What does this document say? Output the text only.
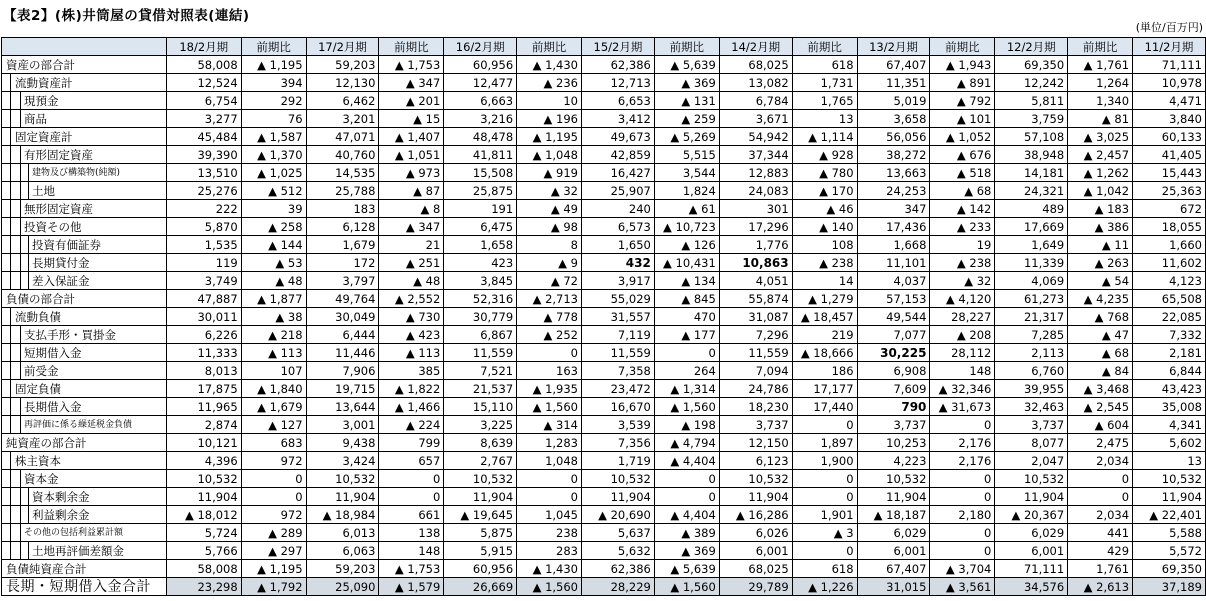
【表2】(株)井筒屋の貸借対照表(連結)
(単位/百万円)
	18/2月期	前期比	17/2月期	前期比	16/2月期	前期比	15/2月期	前期比	14/2月期	前期比	13/2月期	前期比	12/2月期	前期比	11/2月期
資産の部合計	58,008	▲ 1,195	59,203	▲ 1,753	60,956	▲ 1,430	62,386	▲ 5,639	68,025	618	67,407	▲ 1,943	69,350	▲ 1,761	71,111

流動資産計	12,524	394	12,130	▲ 347	12,477	▲ 236	12,713	▲ 369	13,082	1,731	11,351	▲ 891	12,242	1,264	10,978

現預金	6,754	292	6,462	▲ 201	6,663	10	6,653	▲ 131	6,784	1,765	5,019	▲ 792	5,811	1,340	4,471

商品	3,277	76	3,201	▲ 15	3,216	▲ 196	3,412	▲ 259	3,671	13	3,658	▲ 101	3,759	▲ 81	3,840

固定資産計	45,484	▲ 1,587	47,071	▲ 1,407	48,478	▲ 1,195	49,673	▲ 5,269	54,942	▲ 1,114	56,056	▲ 1,052	57,108	▲ 3,025	60,133

有形固定資産	39,390	▲ 1,370	40,760	▲ 1,051	41,811	▲ 1,048	42,859	5,515	37,344	▲ 928	38,272	▲ 676	38,948	▲ 2,457	41,405

建物及び構築物(純額)	13,510	▲ 1,025	14,535	▲ 973	15,508	▲ 919	16,427	3,544	12,883	▲ 780	13,663	▲ 518	14,181	▲ 1,262	15,443

土地	25,276	▲ 512	25,788	▲ 87	25,875	▲ 32	25,907	1,824	24,083	▲ 170	24,253	▲ 68	24,321	▲ 1,042	25,363

無形固定資産	222	39	183	▲ 8	191	▲ 49	240	▲ 61	301	▲ 46	347	▲ 142	489	▲ 183	672

投資その他	5,870	▲ 258	6,128	▲ 347	6,475	▲ 98	6,573	▲ 10,723	17,296	▲ 140	17,436	▲ 233	17,669	▲ 386	18,055

投資有価証券	1,535	▲ 144	1,679	21	1,658	8	1,650	▲ 126	1,776	108	1,668	19	1,649	▲ 11	1,660

長期貸付金	119	▲ 53	172	▲ 251	423	▲ 9	432	▲ 10,431	10,863	▲ 238	11,101	▲ 238	11,339	▲ 263	11,602

差入保証金	3,749	▲ 48	3,797	▲ 48	3,845	▲ 72	3,917	▲ 134	4,051	14	4,037	▲ 32	4,069	▲ 54	4,123
負債の部合計	47,887	▲ 1,877	49,764	▲ 2,552	52,316	▲ 2,713	55,029	▲ 845	55,874	▲ 1,279	57,153	▲ 4,120	61,273	▲ 4,235	65,508

流動負債	30,011	▲ 38	30,049	▲ 730	30,779	▲ 778	31,557	470	31,087	▲ 18,457	49,544	28,227	21,317	▲ 768	22,085

支払手形・買掛金	6,226	▲ 218	6,444	▲ 423	6,867	▲ 252	7,119	▲ 177	7,296	219	7,077	▲ 208	7,285	▲ 47	7,332

短期借入金	11,333	▲ 113	11,446	▲ 113	11,559	0	11,559	0	11,559	▲ 18,666	30,225	28,112	2,113	▲ 68	2,181

前受金	8,013	107	7,906	385	7,521	163	7,358	264	7,094	186	6,908	148	6,760	▲ 84	6,844

固定負債	17,875	▲ 1,840	19,715	▲ 1,822	21,537	▲ 1,935	23,472	▲ 1,314	24,786	17,177	7,609	▲ 32,346	39,955	▲ 3,468	43,423

長期借入金	11,965	▲ 1,679	13,644	▲ 1,466	15,110	▲ 1,560	16,670	▲ 1,560	18,230	17,440	790	▲ 31,673	32,463	▲ 2,545	35,008

再評価に係る繰延税金負債	2,874	▲ 127	3,001	▲ 224	3,225	▲ 314	3,539	▲ 198	3,737	0	3,737	0	3,737	▲ 604	4,341
純資産の部合計	10,121	683	9,438	799	8,639	1,283	7,356	▲ 4,794	12,150	1,897	10,253	2,176	8,077	2,475	5,602

株主資本	4,396	972	3,424	657	2,767	1,048	1,719	▲ 4,404	6,123	1,900	4,223	2,176	2,047	2,034	13

資本金	10,532	0	10,532	0	10,532	0	10,532	0	10,532	0	10,532	0	10,532	0	10,532

資本剰余金	11,904	0	11,904	0	11,904	0	11,904	0	11,904	0	11,904	0	11,904	0	11,904

利益剰余金	▲ 18,012	972	▲ 18,984	661	▲ 19,645	1,045	▲ 20,690	▲ 4,404	▲ 16,286	1,901	▲ 18,187	2,180	▲ 20,367	2,034	▲ 22,401

その他の包括利益累計額	5,724	▲ 289	6,013	138	5,875	238	5,637	▲ 389	6,026	▲ 3	6,029	0	6,029	441	5,588

土地再評価差額金	5,766	▲ 297	6,063	148	5,915	283	5,632	▲ 369	6,001	0	6,001	0	6,001	429	5,572
負債純資産合計	58,008	▲ 1,195	59,203	▲ 1,753	60,956	▲ 1,430	62,386	▲ 5,639	68,025	618	67,407	▲ 3,704	71,111	1,761	69,350
長期・短期借入金合計	23,298	▲ 1,792	25,090	▲ 1,579	26,669	▲ 1,560	28,229	▲ 1,560	29,789	▲ 1,226	31,015	▲ 3,561	34,576	▲ 2,613	37,189
